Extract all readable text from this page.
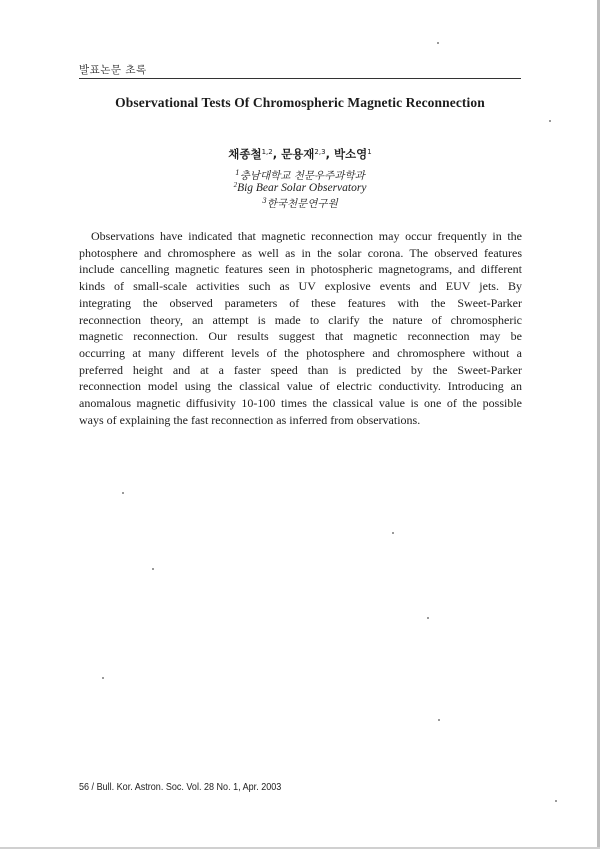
발표논문 초록
Observational Tests Of Chromospheric Magnetic Reconnection
채종철$^{1,2}$, 문용재$^{2,3}$, 박소영$^1$
$^1$충남대학교 천문우주과학과
$^2$Big Bear Solar Observatory
$^3$한국천문연구원
Observations have indicated that magnetic reconnection may occur frequently in the
photosphere and chromosphere as well as in the solar corona. The observed features
include cancelling magnetic features seen in photospheric magnetograms, and different
kinds of small-scale activities such as UV explosive events and EUV jets. By
integrating the observed parameters of these features with the Sweet-Parker
reconnection theory, an attempt is made to clarify the nature of chromospheric
magnetic reconnection. Our results suggest that magnetic reconnection may be
occurring at many different levels of the photosphere and chromosphere without a
preferred height and at a faster speed than is predicted by the Sweet-Parker
reconnection model using the classical value of electric conductivity. Introducing an
anomalous magnetic diffusivity 10-100 times the classical value is one of the possible
ways of explaining the fast reconnection as inferred from observations.
56 / Bull. Kor. Astron. Soc. Vol. 28 No. 1, Apr. 2003
